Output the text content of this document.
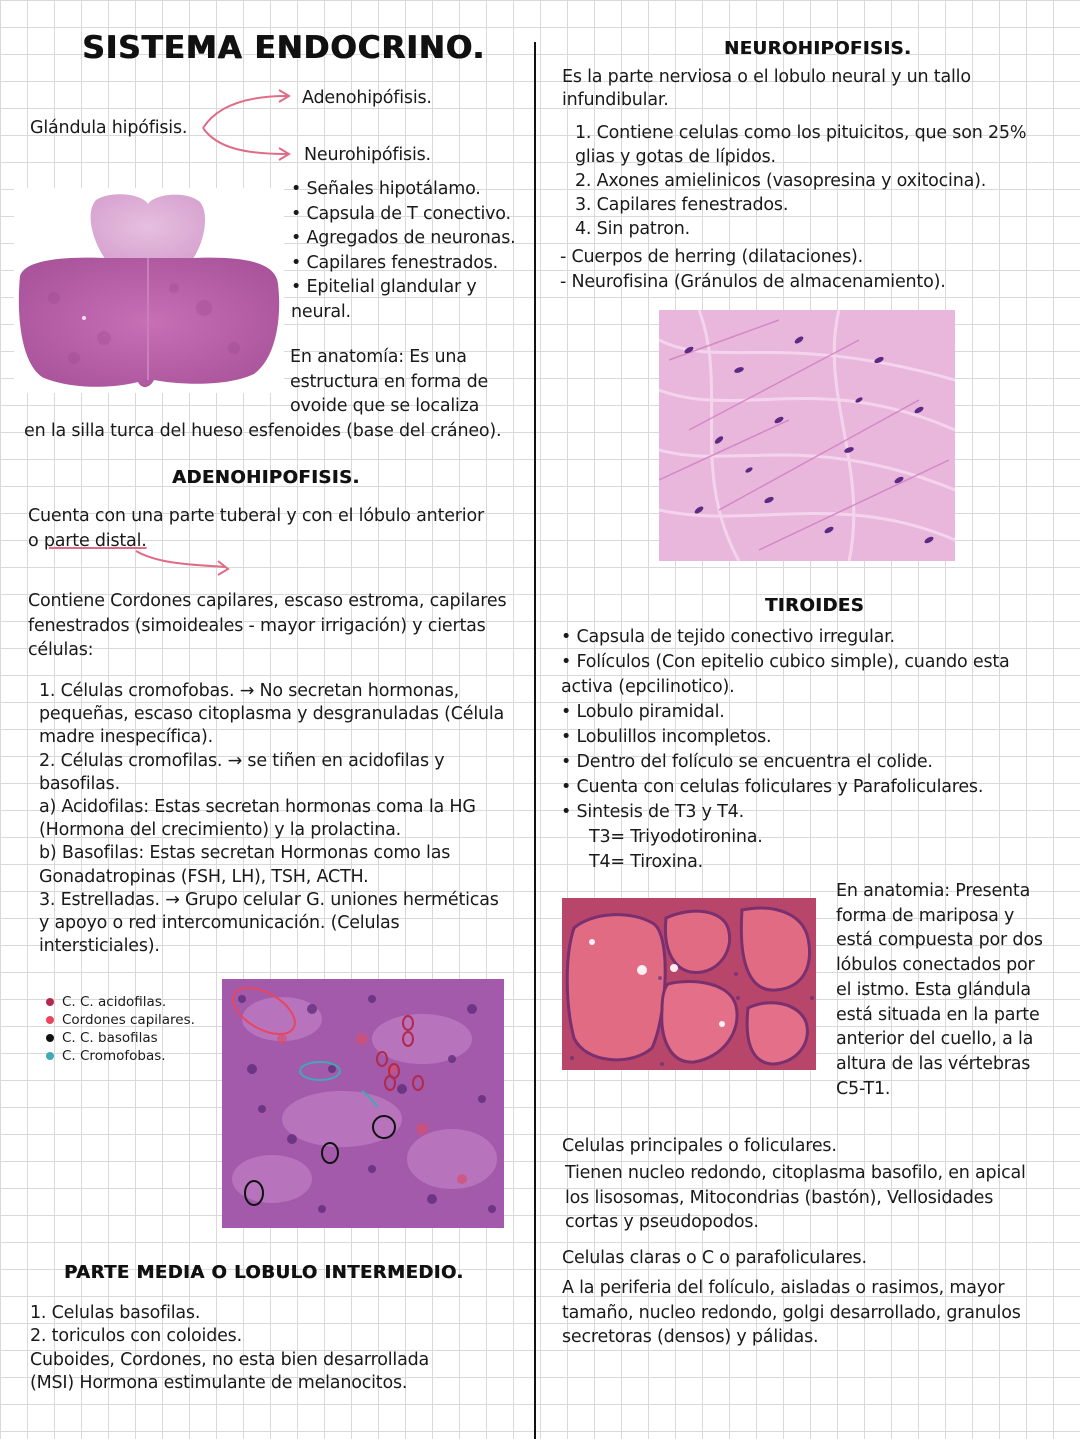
SISTEMA ENDOCRINO.
Glándula hipófisis.
Adenohipófisis.
Neurohipófisis.

• Señales hipotálamo.

• Capsula de T conectivo.

• Agregados de neuronas.

• Capilares fenestrados.

• Epitelial glandular y

neural.

En anatomía: Es una

estructura en forma de

ovoide que se localiza

en la silla turca del hueso esfenoides (base del cráneo).
ADENOHIPOFISIS.

Cuenta con una parte tuberal y con el lóbulo anterior

o parte distal.

Contiene Cordones capilares, escaso estroma, capilares

fenestrados (simoideales - mayor irrigación) y ciertas

células:

1. Células cromofobas. → No secretan hormonas,

pequeñas, escaso citoplasma y desgranuladas (Célula

madre inespecífica).

2. Células cromofilas. → se tiñen en acidofilas y

basofilas.

a) Acidofilas: Estas secretan hormonas coma la HG

(Hormona del crecimiento) y la prolactina.

b) Basofilas: Estas secretan Hormonas como las

Gonadatropinas (FSH, LH), TSH, ACTH.

3. Estrelladas. → Grupo celular G. uniones herméticas

y apoyo o red intercomunicación. (Celulas

intersticiales).

C. C. acidofilas.
Cordones capilares.
C. C. basofilas
C. Cromofobas.
PARTE MEDIA O LOBULO INTERMEDIO.

1. Celulas basofilas.

2. toriculos con coloides.

Cuboides, Cordones, no esta bien desarrollada

(MSI) Hormona estimulante de melanocitos.

NEUROHIPOFISIS.

Es la parte nerviosa o el lobulo neural y un tallo

infundibular.

1. Contiene celulas como los pituicitos, que son 25%

glias y gotas de lípidos.

2. Axones amielinicos (vasopresina y oxitocina).

3. Capilares fenestrados.

4. Sin patron.

- Cuerpos de herring (dilataciones).

- Neurofisina (Gránulos de almacenamiento).

TIROIDES

• Capsula de tejido conectivo irregular.

• Folículos (Con epitelio cubico simple), cuando esta

activa (epcilinotico).

• Lobulo piramidal.

• Lobulillos incompletos.

• Dentro del folículo se encuentra el colide.

• Cuenta con celulas foliculares y Parafoliculares.

• Sintesis de T3 y T4.

T3= Triyodotironina.

T4= Tiroxina.

En anatomia: Presenta

forma de mariposa y

está compuesta por dos

lóbulos conectados por

el istmo. Esta glándula

está situada en la parte

anterior del cuello, a la

altura de las vértebras

C5-T1.

Celulas principales o foliculares.

Tienen nucleo redondo, citoplasma basofilo, en apical

los lisosomas, Mitocondrias (bastón), Vellosidades

cortas y pseudopodos.

Celulas claras o C o parafoliculares.

A la periferia del folículo, aisladas o rasimos, mayor

tamaño, nucleo redondo, golgi desarrollado, granulos

secretoras (densos) y pálidas.
